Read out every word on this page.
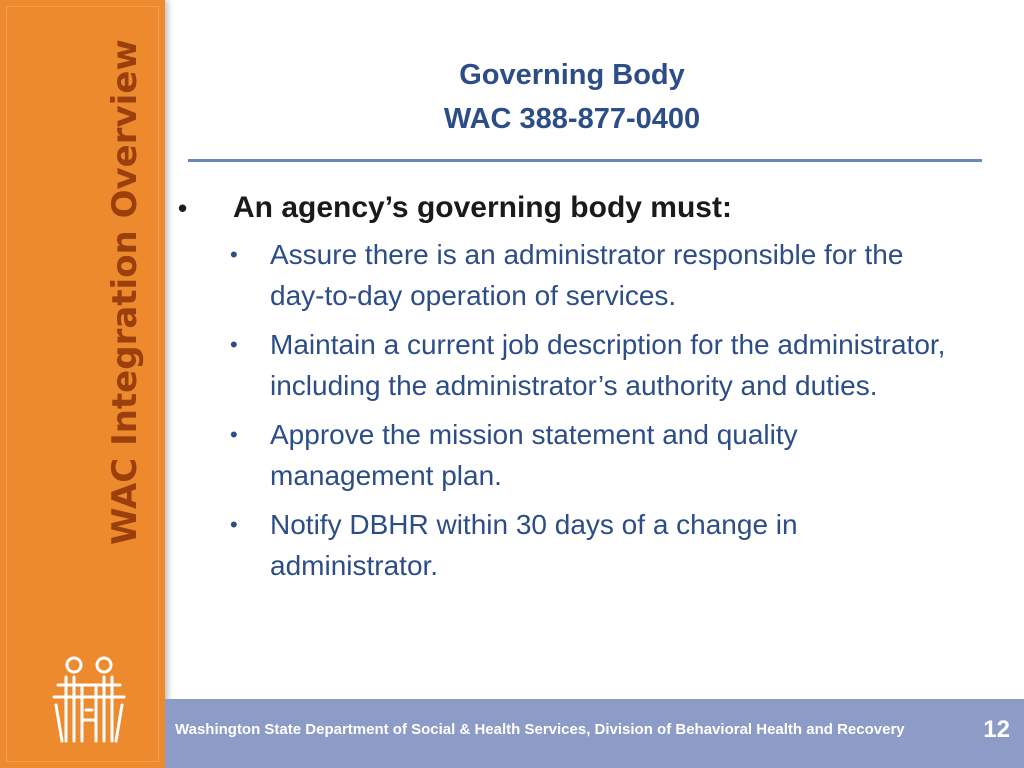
WAC Integration Overview	Governing Body
WAC 388-877-0400
•	An agency’s governing body must:
•	Assure there is an administrator responsible for the day-to-day operation of services.
•	Maintain a current job description for the administrator, including the administrator’s authority and duties.
•	Approve the mission statement and quality management plan.
•	Notify DBHR within 30 days of a change in administrator.
Washington State Department of Social & Health Services, Division of Behavioral Health and Recovery	12
